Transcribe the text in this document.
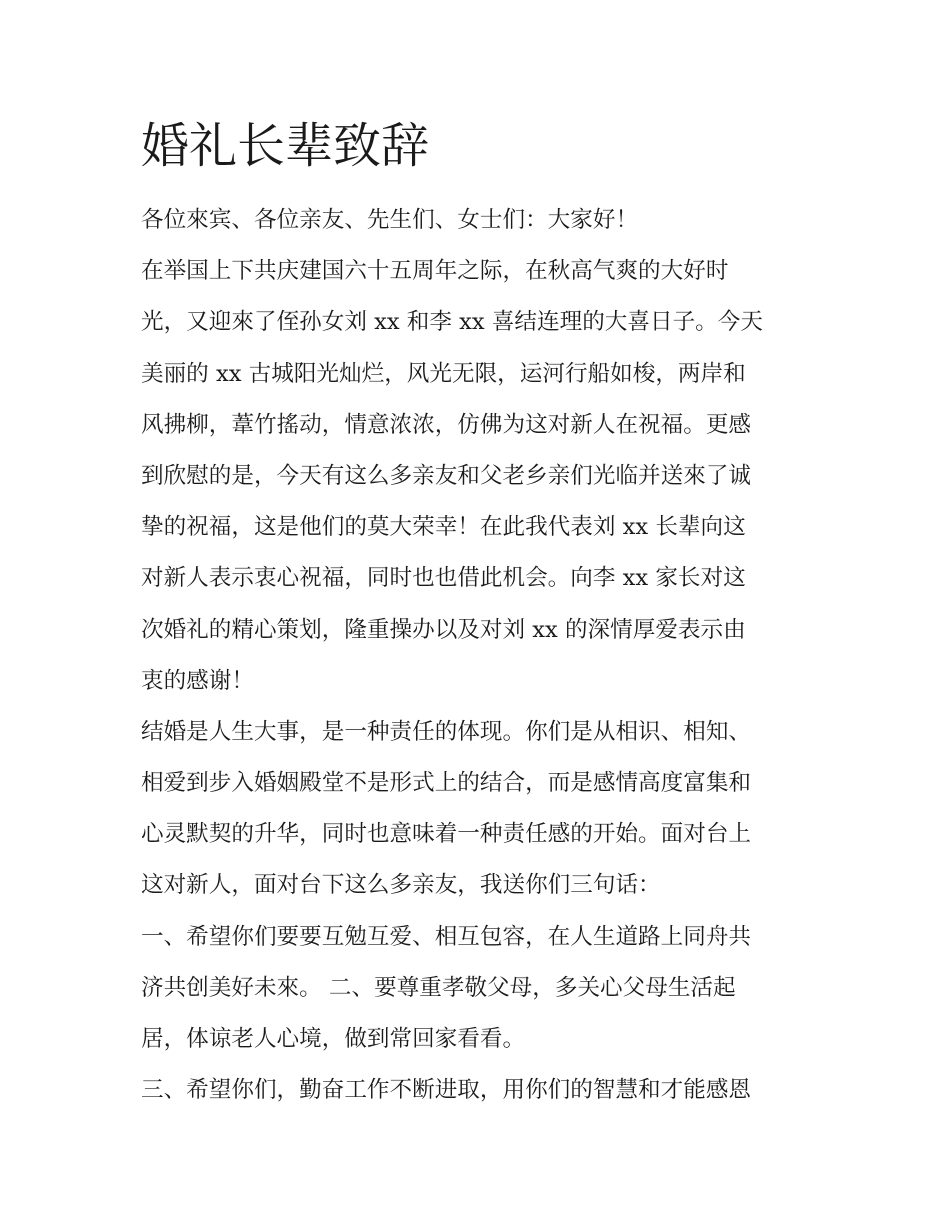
婚礼长辈致辞
各位來宾、各位亲友、先生们、女士们：大家好！
在举国上下共庆建国六十五周年之际，在秋高气爽的大好时
光，又迎來了侄孙女刘 xx 和李 xx 喜结连理的大喜日子。今天
美丽的 xx 古城阳光灿烂，风光无限，运河行船如梭，两岸和
风拂柳，葦竹搖动，情意浓浓，仿佛为这对新人在祝福。更感
到欣慰的是，今天有这么多亲友和父老乡亲们光临并送來了诚
挚的祝福，这是他们的莫大荣幸！在此我代表刘 xx 长辈向这
对新人表示衷心祝福，同时也也借此机会。向李 xx 家长对这
次婚礼的精心策划，隆重操办以及对刘 xx 的深情厚爱表示由
衷的感谢！
结婚是人生大事，是一种责任的体现。你们是从相识、相知、
相爱到步入婚姻殿堂不是形式上的结合，而是感情高度富集和
心灵默契的升华，同时也意味着一种责任感的开始。面对台上
这对新人，面对台下这么多亲友，我送你们三句话：
一、希望你们要要互勉互爱、相互包容，在人生道路上同舟共
济共创美好未來。 二、要尊重孝敬父母，多关心父母生活起
居，体谅老人心境，做到常回家看看。
三、希望你们，勤奋工作不断进取，用你们的智慧和才能感恩
